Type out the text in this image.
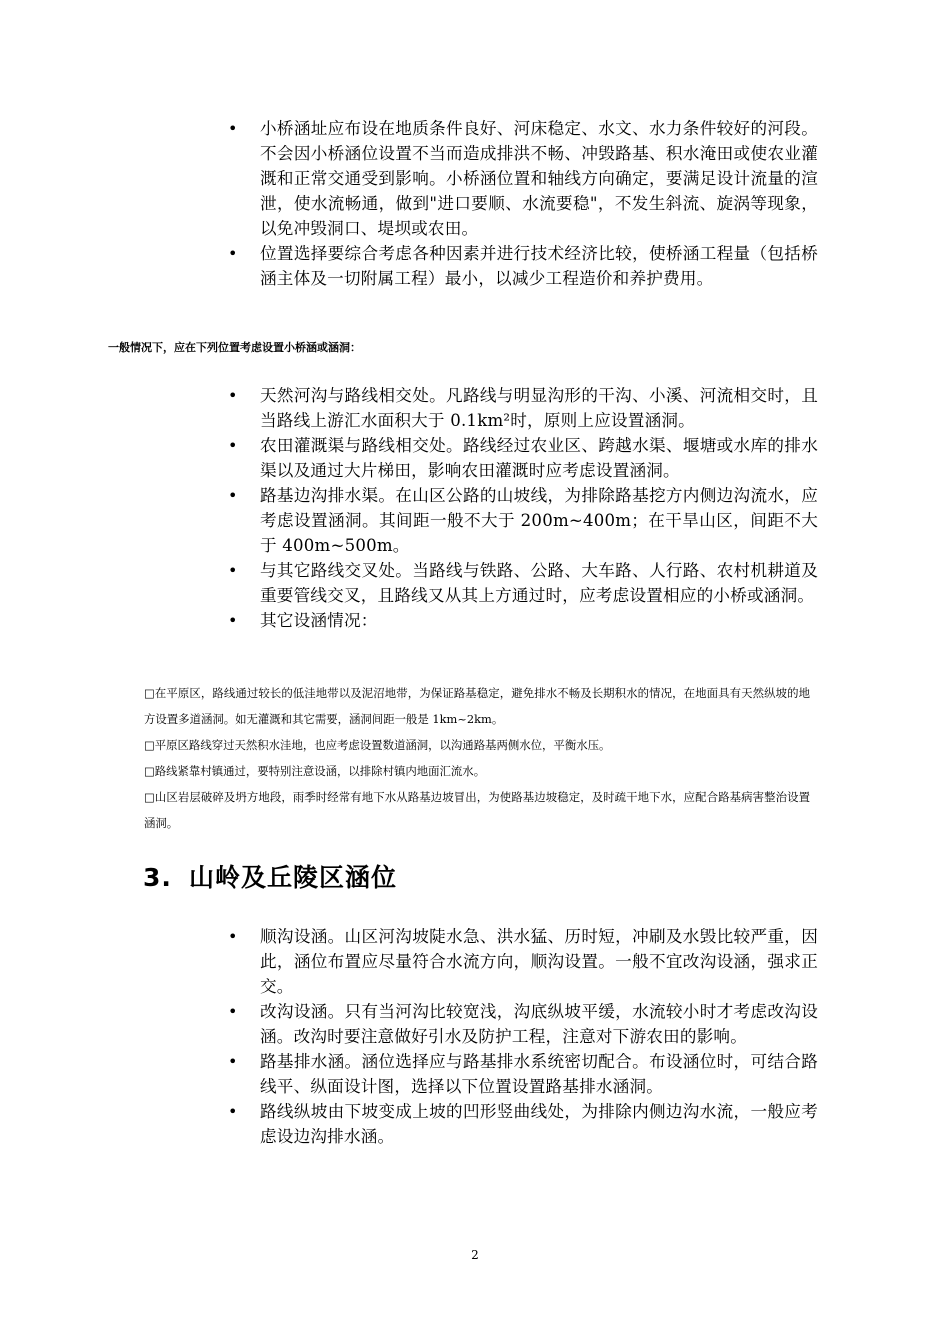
• 小桥涵址应布设在地质条件良好、河床稳定、水文、水力条件较好的河段。不会因小桥涵位设置不当而造成排洪不畅、冲毁路基、积水淹田或使农业灌溉和正常交通受到影响。小桥涵位置和轴线方向确定，要满足设计流量的渲泄，使水流畅通，做到"进口要顺、水流要稳"，不发生斜流、旋涡等现象，以免冲毁洞口、堤坝或农田。

• 位置选择要综合考虑各种因素并进行技术经济比较，使桥涵工程量（包括桥涵主体及一切附属工程）最小，以减少工程造价和养护费用。

一般情况下，应在下列位置考虑设置小桥涵或涵洞：
• 天然河沟与路线相交处。凡路线与明显沟形的干沟、小溪、河流相交时，且当路线上游汇水面积大于 0.1km²时，原则上应设置涵洞。

• 农田灌溉渠与路线相交处。路线经过农业区、跨越水渠、堰塘或水库的排水渠以及通过大片梯田，影响农田灌溉时应考虑设置涵洞。

• 路基边沟排水渠。在山区公路的山坡线，为排除路基挖方内侧边沟流水，应考虑设置涵洞。其间距一般不大于 200m~400m；在干旱山区，间距不大于 400m~500m。

• 与其它路线交叉处。当路线与铁路、公路、大车路、人行路、农村机耕道及重要管线交叉，且路线又从其上方通过时，应考虑设置相应的小桥或涵洞。

• 其它设涵情况：

□在平原区，路线通过较长的低洼地带以及泥沼地带，为保证路基稳定，避免排水不畅及长期积水的情况，在地面具有天然纵坡的地方设置多道涵洞。如无灌溉和其它需要，涵洞间距一般是 1km~2km。

□平原区路线穿过天然积水洼地，也应考虑设置数道涵洞，以沟通路基两侧水位，平衡水压。

□路线紧靠村镇通过，要特别注意设涵，以排除村镇内地面汇流水。

□山区岩层破碎及坍方地段，雨季时经常有地下水从路基边坡冒出，为使路基边坡稳定，及时疏干地下水，应配合路基病害整治设置涵洞。

3. 山岭及丘陵区涵位
• 顺沟设涵。山区河沟坡陡水急、洪水猛、历时短，冲刷及水毁比较严重，因此，涵位布置应尽量符合水流方向，顺沟设置。一般不宜改沟设涵，强求正交。

• 改沟设涵。只有当河沟比较宽浅，沟底纵坡平缓，水流较小时才考虑改沟设涵。改沟时要注意做好引水及防护工程，注意对下游农田的影响。

• 路基排水涵。涵位选择应与路基排水系统密切配合。布设涵位时，可结合路线平、纵面设计图，选择以下位置设置路基排水涵洞。

• 路线纵坡由下坡变成上坡的凹形竖曲线处，为排除内侧边沟水流，一般应考虑设边沟排水涵。

2
